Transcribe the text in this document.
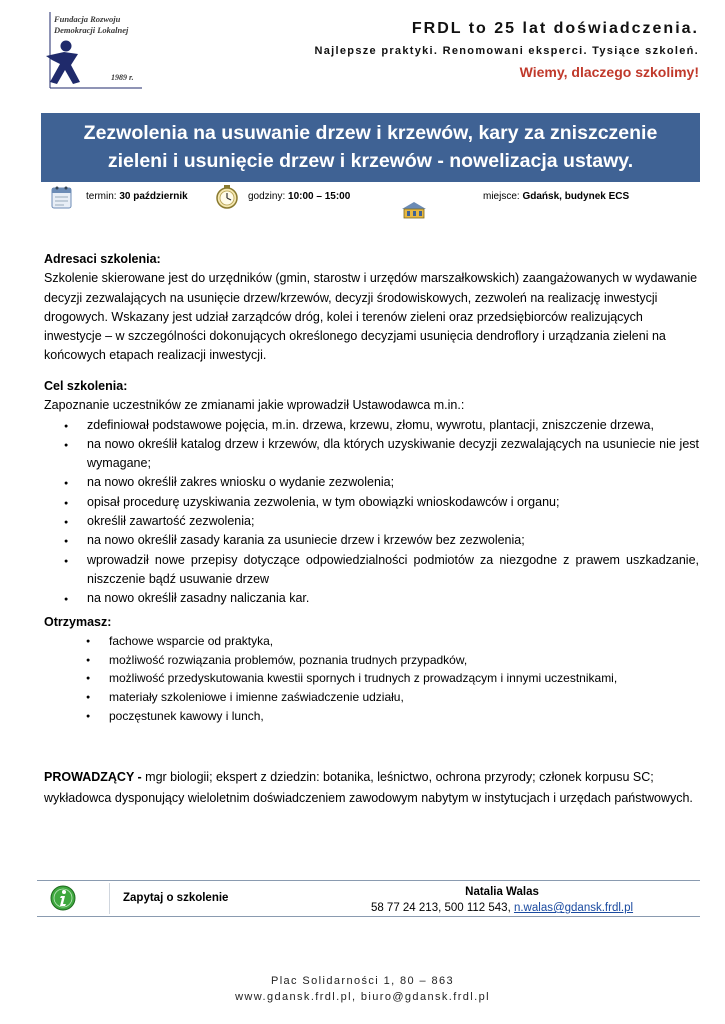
Fundacja Rozwoju
Demokracji Lokalnej
1989 r.
FRDL to 25 lat doświadczenia.
Najlepsze praktyki. Renomowani eksperci. Tysiące szkoleń.
Wiemy, dlaczego szkolimy!
Zezwolenia na usuwanie drzew i krzewów, kary za zniszczenie
zieleni i usunięcie drzew i krzewów - nowelizacja ustawy.
termin: 30 październik	godziny: 10:00 – 15:00	miejsce: Gdańsk, budynek ECS
Adresaci szkolenia:
Szkolenie skierowane jest do urzędników (gmin, starostw i urzędów marszałkowskich) zaangażowanych w wydawanie decyzji zezwalających na usunięcie drzew/krzewów, decyzji środowiskowych, zezwoleń na realizację inwestycji drogowych. Wskazany jest udział zarządców dróg, kolei i terenów zieleni oraz przedsiębiorców realizujących inwestycje – w szczególności dokonujących określonego decyzjami usunięcia dendroflory i urządzania zieleni na końcowych etapach realizacji inwestycji.
Cel szkolenia:
Zapoznanie uczestników ze zmianami jakie wprowadził Ustawodawca m.in.:
● zdefiniował podstawowe pojęcia, m.in. drzewa, krzewu, złomu, wywrotu, plantacji, zniszczenie drzewa,
● na nowo określił katalog drzew i krzewów, dla których uzyskiwanie decyzji zezwalających na usuniecie nie jest wymagane;
● na nowo określił zakres wniosku o wydanie zezwolenia;
● opisał procedurę uzyskiwania zezwolenia, w tym obowiązki wnioskodawców i organu;
● określił zawartość zezwolenia;
● na nowo określił zasady karania za usuniecie drzew i krzewów bez zezwolenia;
● wprowadził nowe przepisy dotyczące odpowiedzialności podmiotów za niezgodne z prawem uszkadzanie, niszczenie bądź usuwanie drzew
● na nowo określił zasadny naliczania kar.
Otrzymasz:
● fachowe wsparcie od praktyka,
● możliwość rozwiązania problemów, poznania trudnych przypadków,
● możliwość przedyskutowania kwestii spornych i trudnych z prowadzącym i innymi uczestnikami,
● materiały szkoleniowe i imienne zaświadczenie udziału,
● poczęstunek kawowy i lunch,
PROWADZĄCY - mgr biologii; ekspert z dziedzin: botanika, leśnictwo, ochrona przyrody; członek korpusu SC; wykładowca dysponujący wieloletnim doświadczeniem zawodowym nabytym w instytucjach i urzędach państwowych.
Zapytaj o szkolenie	Natalia Walas
58 77 24 213, 500 112 543, n.walas@gdansk.frdl.pl
Plac Solidarności 1, 80 – 863
www.gdansk.frdl.pl, biuro@gdansk.frdl.pl
